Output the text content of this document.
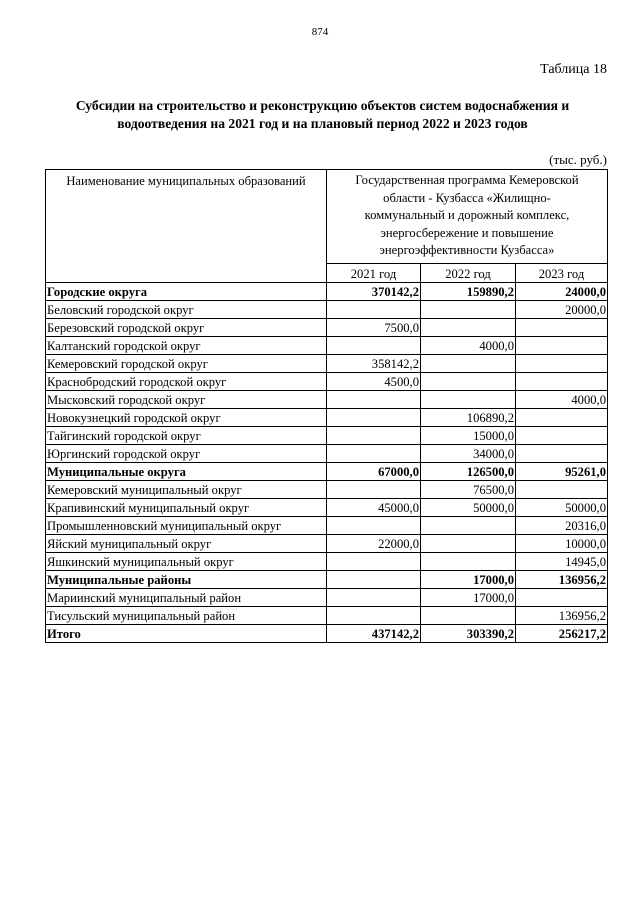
874
Таблица 18
Субсидии на строительство и реконструкцию объектов систем водоснабжения и
водоотведения на 2021 год и на плановый период 2022 и 2023 годов
(тыс. руб.)
Наименование муниципальных образований	Государственная программа Кемеровской
области - Кузбасса «Жилищно-
коммунальный и дорожный комплекс,
энергосбережение и повышение
энергоэффективности Кузбасса»		

	2021 год	2022 год	2023 год
Городские округа	370142,2	159890,2	24000,0
Беловский городской округ			20000,0
Березовский городской округ	7500,0		
Калтанский городской округ		4000,0	
Кемеровский городской округ	358142,2		
Краснобродский городской округ	4500,0		
Мысковский городской округ			4000,0
Новокузнецкий городской округ		106890,2	
Тайгинский городской округ		15000,0	
Юргинский городской округ		34000,0	
Муниципальные округа	67000,0	126500,0	95261,0
Кемеровский муниципальный округ		76500,0	
Крапивинский муниципальный округ	45000,0	50000,0	50000,0
Промышленновский муниципальный округ			20316,0
Яйский муниципальный округ	22000,0		10000,0
Яшкинский муниципальный округ			14945,0
Муниципальные районы		17000,0	136956,2
Мариинский муниципальный район		17000,0	
Тисульский муниципальный район			136956,2
Итого	437142,2	303390,2	256217,2
